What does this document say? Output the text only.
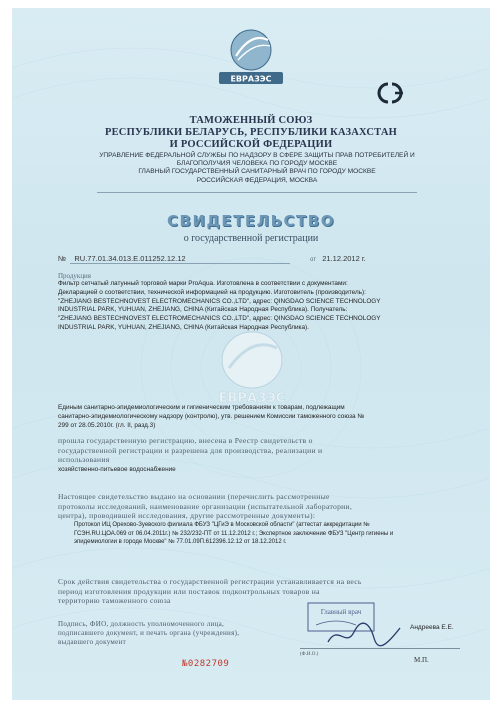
ЕВРАЗЭС
ТАМОЖЕННЫЙ СОЮЗ
РЕСПУБЛИКИ БЕЛАРУСЬ, РЕСПУБЛИКИ КАЗАХСТАН
И РОССИЙСКОЙ ФЕДЕРАЦИИ
УПРАВЛЕНИЕ ФЕДЕРАЛЬНОЙ СЛУЖБЫ ПО НАДЗОРУ В СФЕРЕ ЗАЩИТЫ ПРАВ ПОТРЕБИТЕЛЕЙ И
БЛАГОПОЛУЧИЯ ЧЕЛОВЕКА ПО ГОРОДУ МОСКВЕ
ГЛАВНЫЙ ГОСУДАРСТВЕННЫЙ САНИТАРНЫЙ ВРАЧ ПО ГОРОДУ МОСКВЕ
РОССИЙСКАЯ ФЕДЕРАЦИЯ, МОСКВА
СВИДЕТЕЛЬСТВО
о государственной регистрации
№ RU.77.01.34.013.Е.011252.12.12	от 21.12.2012 г.
Продукция
Фильтр сетчатый латунный торговой марки ProAqua. Изготовлена в соответствии с документами:
Декларацией о соответствии, технической информацией на продукцию. Изготовитель (производитель):
"ZHEJIANG BESTECHNOVEST ELECTROMECHANICS CO.,LTD", адрес: QINGDAO SCIENCE TECHNOLOGY
INDUSTRIAL PARK, YUHUAN, ZHEJIANG, CHINA (Китайская Народная Республика). Получатель:
"ZHEJIANG BESTECHNOVEST ELECTROMECHANICS CO.,LTD", адрес: QINGDAO SCIENCE TECHNOLOGY
INDUSTRIAL PARK, YUHUAN, ZHEJIANG, CHINA (Китайская Народная Республика).
ЕВРАЗЭС
Единым санитарно-эпидемиологическим и гигиеническим требованиям к товарам, подлежащим
санитарно-эпидемиологическому надзору (контролю), утв. решением Комиссии таможенного союза №
299 от 28.05.2010г. (гл. II, разд.3)
прошла государственную регистрацию, внесена в Реестр свидетельств о
государственной регистрации и разрешена для производства, реализации и
использования
хозяйственно-питьевое водоснабжение
Настоящее свидетельство выдано на основании (перечислить рассмотренные
протоколы исследований, наименование организации (испытательной лаборатории,
центра), проводившей исследования, другие рассмотренные документы):
Протокол ИЦ Орехово-Зуевского филиала ФБУЗ "ЦГиЭ в Московской области" (аттестат аккредитации №
ГСЭН.RU.ЦОА.069 от 06.04.2011г.) № 232/232-ПТ от 11.12.2012 г.; Экспертное заключение ФБУЗ "Центр гигиены и
эпидемиологии в городе Москве" № 77.01.09П.612396.12.12 от 18.12.2012 г.
Срок действия свидетельства о государственной регистрации устанавливается на весь
период изготовления продукции или поставок подконтрольных товаров на
территорию таможенного союза
Подпись, ФИО, должность уполномоченного лица,
подписавшего документ, и печать органа (учреждения),
выдавшего документ
Главный врач
Андреева Е.Е.
(Ф.И.О.)
М.П.
№0282709
